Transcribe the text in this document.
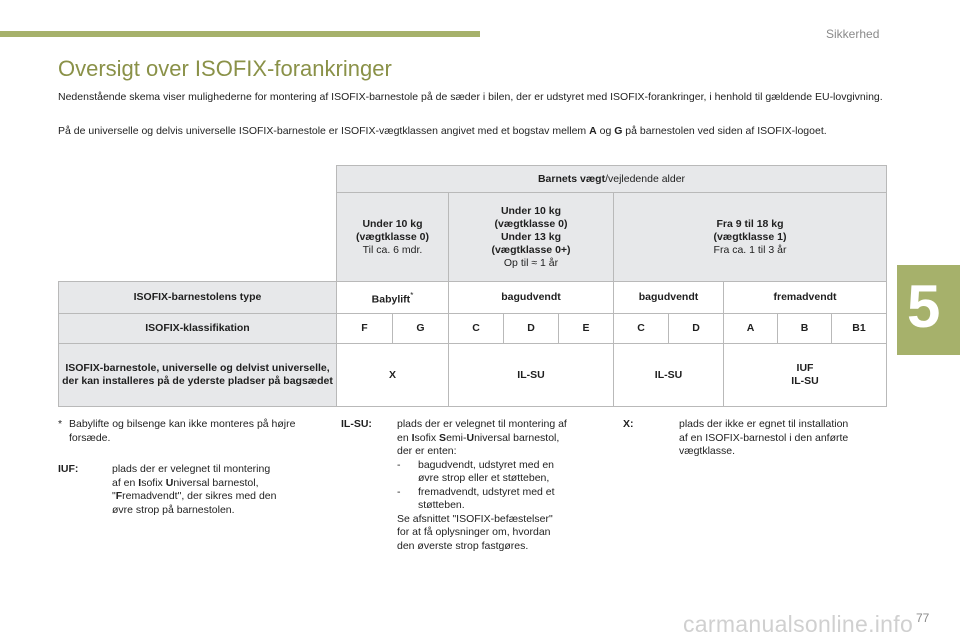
Sikkerhed
5
Oversigt over ISOFIX-forankringer
Nedenstående skema viser mulighederne for montering af ISOFIX-barnestole på de sæder i bilen, der er udstyret med ISOFIX-forankringer, i henhold til gældende EU-lovgivning.
På de universelle og delvis universelle ISOFIX-barnestole er ISOFIX-vægtklassen angivet med et bogstav mellem A og G på barnestolen ved siden af ISOFIX-logoet.
	Barnets vægt/vejledende alder									
	Under 10 kg
(vægtklasse 0)
Til ca. 6 mdr.		Under 10 kg
(vægtklasse 0)
Under 13 kg
(vægtklasse 0+)
Op til ≈ 1 år			Fra 9 til 18 kg
(vægtklasse 1)
Fra ca. 1 til 3 år				
ISOFIX-barnestolens type	Babylift*		bagudvendt			bagudvendt		fremadvendt		
ISOFIX-klassifikation	F	G	C	D	E	C	D	A	B	B1
ISOFIX-barnestole, universelle og delvist universelle, der kan installeres på de yderste pladser på bagsædet	X		IL-SU			IL-SU		IUF
IL-SU		
* Babylifte og bilsenge kan ikke monteres på højre forsæde.
IUF:	plads der er velegnet til montering
af en Isofix Universal barnestol,
"Fremadvendt", der sikres med den
øvre strop på barnestolen.
IL-SU: plads der er velegnet til montering af
en Isofix Semi-Universal barnestol,
der er enten:

- bagudvendt, udstyret med en
øvre strop eller et støtteben,
- fremadvendt, udstyret med et
støtteben.
Se afsnittet "ISOFIX-befæstelser"
for at få oplysninger om, hvordan
den øverste strop fastgøres.
X:	plads der ikke er egnet til installation
af en ISOFIX-barnestol i den anførte
vægtklasse.
carmanualsonline.info 77
